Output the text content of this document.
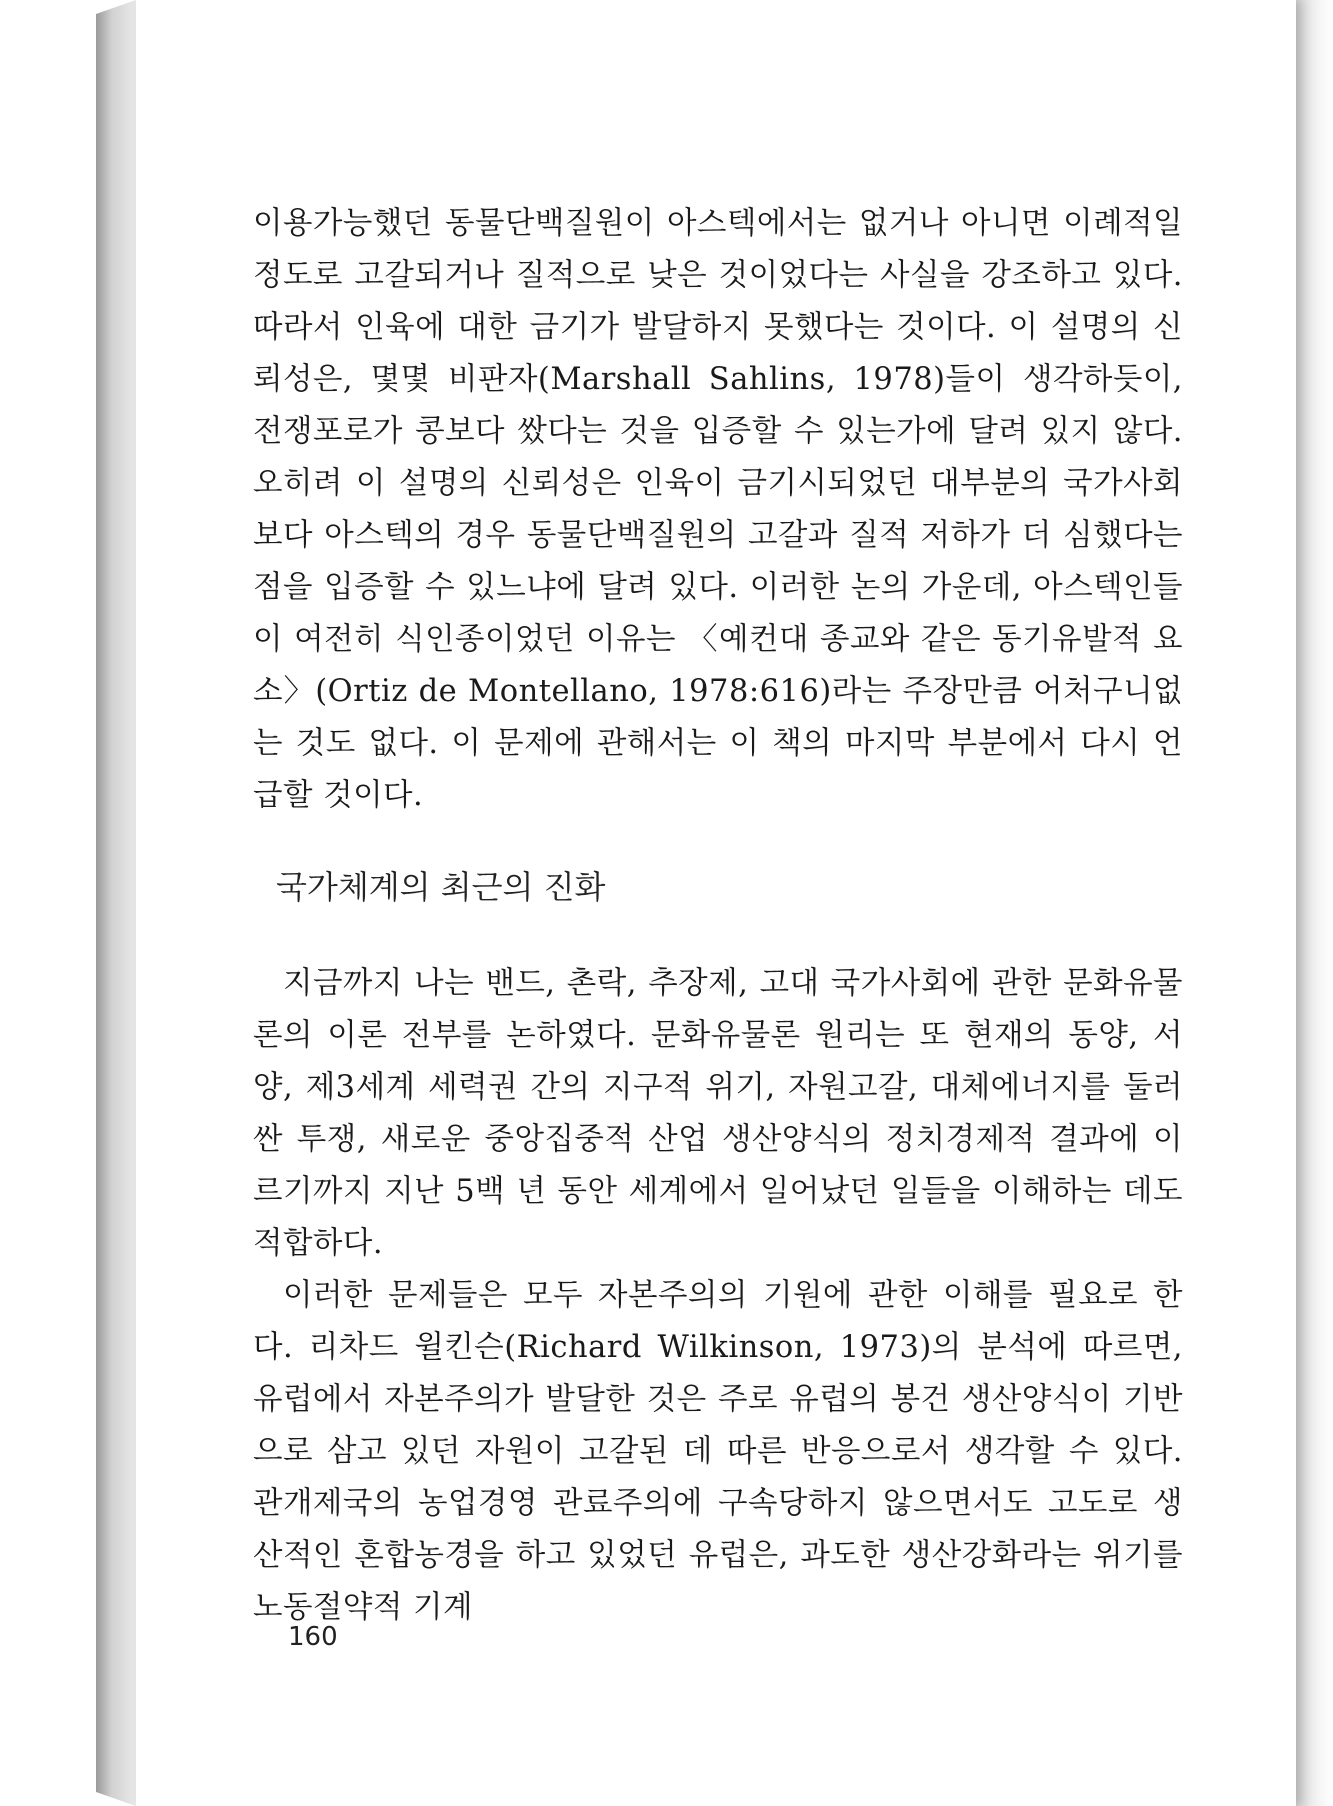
이용가능했던 동물단백질원이 아스텍에서는 없거나 아니면 이례적일 정도로 고갈되거나 질적으로 낮은 것이었다는 사실을 강조하고 있다. 따라서 인육에 대한 금기가 발달하지 못했다는 것이다. 이 설명의 신뢰성은, 몇몇 비판자(Marshall Sahlins, 1978)들이 생각하듯이, 전쟁포로가 콩보다 쌌다는 것을 입증할 수 있는가에 달려 있지 않다. 오히려 이 설명의 신뢰성은 인육이 금기시되었던 대부분의 국가사회보다 아스텍의 경우 동물단백질원의 고갈과 질적 저하가 더 심했다는 점을 입증할 수 있느냐에 달려 있다. 이러한 논의 가운데, 아스텍인들이 여전히 식인종이었던 이유는 〈예컨대 종교와 같은 동기유발적 요소〉(Ortiz de Montellano, 1978:616)라는 주장만큼 어처구니없는 것도 없다. 이 문제에 관해서는 이 책의 마지막 부분에서 다시 언급할 것이다.

국가체계의 최근의 진화

지금까지 나는 밴드, 촌락, 추장제, 고대 국가사회에 관한 문화유물론의 이론 전부를 논하였다. 문화유물론 원리는 또 현재의 동양, 서양, 제3세계 세력권 간의 지구적 위기, 자원고갈, 대체에너지를 둘러싼 투쟁, 새로운 중앙집중적 산업 생산양식의 정치경제적 결과에 이르기까지 지난 5백 년 동안 세계에서 일어났던 일들을 이해하는 데도 적합하다.

이러한 문제들은 모두 자본주의의 기원에 관한 이해를 필요로 한다. 리차드 윌킨슨(Richard Wilkinson, 1973)의 분석에 따르면, 유럽에서 자본주의가 발달한 것은 주로 유럽의 봉건 생산양식이 기반으로 삼고 있던 자원이 고갈된 데 따른 반응으로서 생각할 수 있다. 관개제국의 농업경영 관료주의에 구속당하지 않으면서도 고도로 생산적인 혼합농경을 하고 있었던 유럽은, 과도한 생산강화라는 위기를 노동절약적 기계

160
